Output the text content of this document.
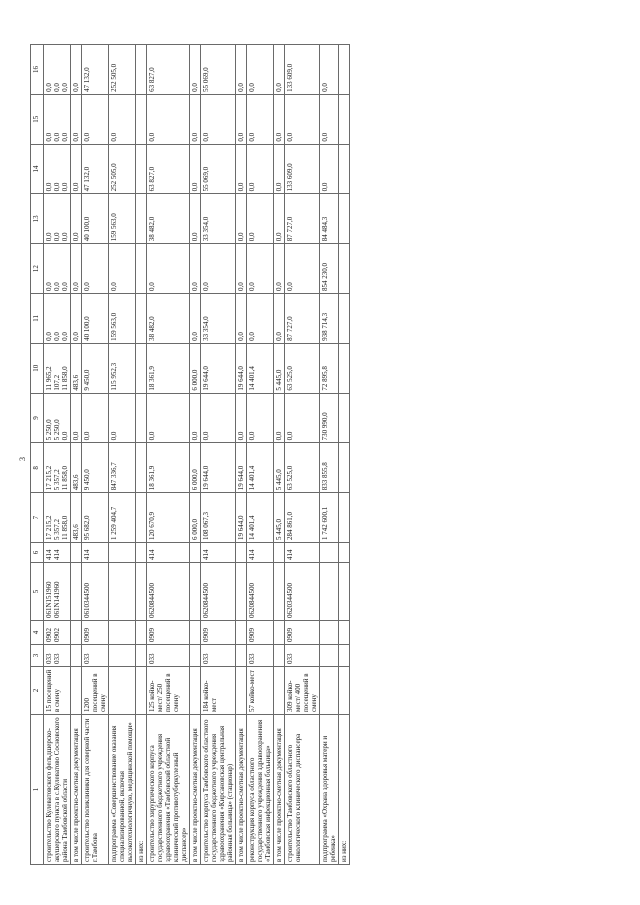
3
1	2	3	4	5	6	7	8	9	10	11	12	13	14	15	16
строительство Кулеватовского фельдшерско-акушерского пункта в с.Кулеватово Сосновского района Тамбовской области	15 посещений в смену	033 033	0902 0902	061N151960 061N141960	414 414	17 215,2 5 357,2 11 858,0	17 215,2 5 357,2 11 858,0	5 250,0 5 250,0 0,0	11 965,2 107,2 11 858,0	0,0 0,0 0,0	0,0 0,0 0,0	0,0 0,0 0,0	0,0 0,0 0,0	0,0 0,0 0,0	0,0 0,0 0,0

в том числе проектно-сметная документация						483,6	483,6	0,0	483,6	0,0	0,0	0,0	0,0	0,0	0,0

строительство поликлиники для северной части г.Тамбова	1200 посещений в смену	033	0909	0610344500	414	95 682,0	9 450,0	0,0	9 450,0	40 100,0	0,0	40 100,0	47 132,0	0,0	47 132,0

подпрограмма «Совершенствование оказания специализированной, включая высокотехнологичную, медицинской помощи»						1 259 404,7	847 336,7	0,0	115 952,3	159 563,0	0,0	159 563,0	252 505,0	0,0	252 505,0

из них:															
строительство хирургического корпуса государственного бюджетного учреждения здравоохранения «Тамбовский областной клинический противотуберкулезный диспансер»	125 койко-мест/ 250 посещений в смену	033	0909	0620844500	414	120 670,9	18 361,9	0,0	18 361,9	38 482,0	0,0	38 482,0	63 827,0	0,0	63 827,0

в том числе проектно-сметная документация						6 000,0	6 000,0	0,0	6 000,0	0,0	0,0	0,0	0,0	0,0	0,0

строительство корпуса Тамбовского областного государственного бюджетного учреждения здравоохранения «Кирсановская центральная районная больница» (стационар)	184 койко-мест	033	0909	0620844500	414	108 067,3	19 644,0	0,0	19 644,0	33 354,0	0,0	33 354,0	55 069,0	0,0	55 069,0

в том числе проектно-сметная документация						19 644,0	19 644,0	0,0	19 644,0	0,0	0,0	0,0	0,0	0,0	0,0

реконструкция корпуса областного государственного учреждения здравоохранения «Тамбовская инфекционная больница»	57 койко-мест	033	0909	0620844500	414	14 401,4	14 401,4	0,0	14 401,4	0,0	0,0	0,0	0,0	0,0	0,0

в том числе проектно-сметная документация						5 445,0	5 445,0	0,0	5 445,0	0,0	0,0	0,0	0,0	0,0	0,0

строительство Тамбовского областного онкологического клинического диспансера	309 койко-мест/ 400 посещений в смену	033	0909	0620344500	414	284 861,0	63 525,0	0,0	63 525,0	87 727,0	0,0	87 727,0	133 609,0	0,0	133 609,0

подпрограмма «Охрана здоровья матери и ребенка»						1 742 600,1	833 855,8	730 990,0	72 895,8	938 714,3	854 230,0	84 484,3	0,0	0,0	0,0

из них:															
